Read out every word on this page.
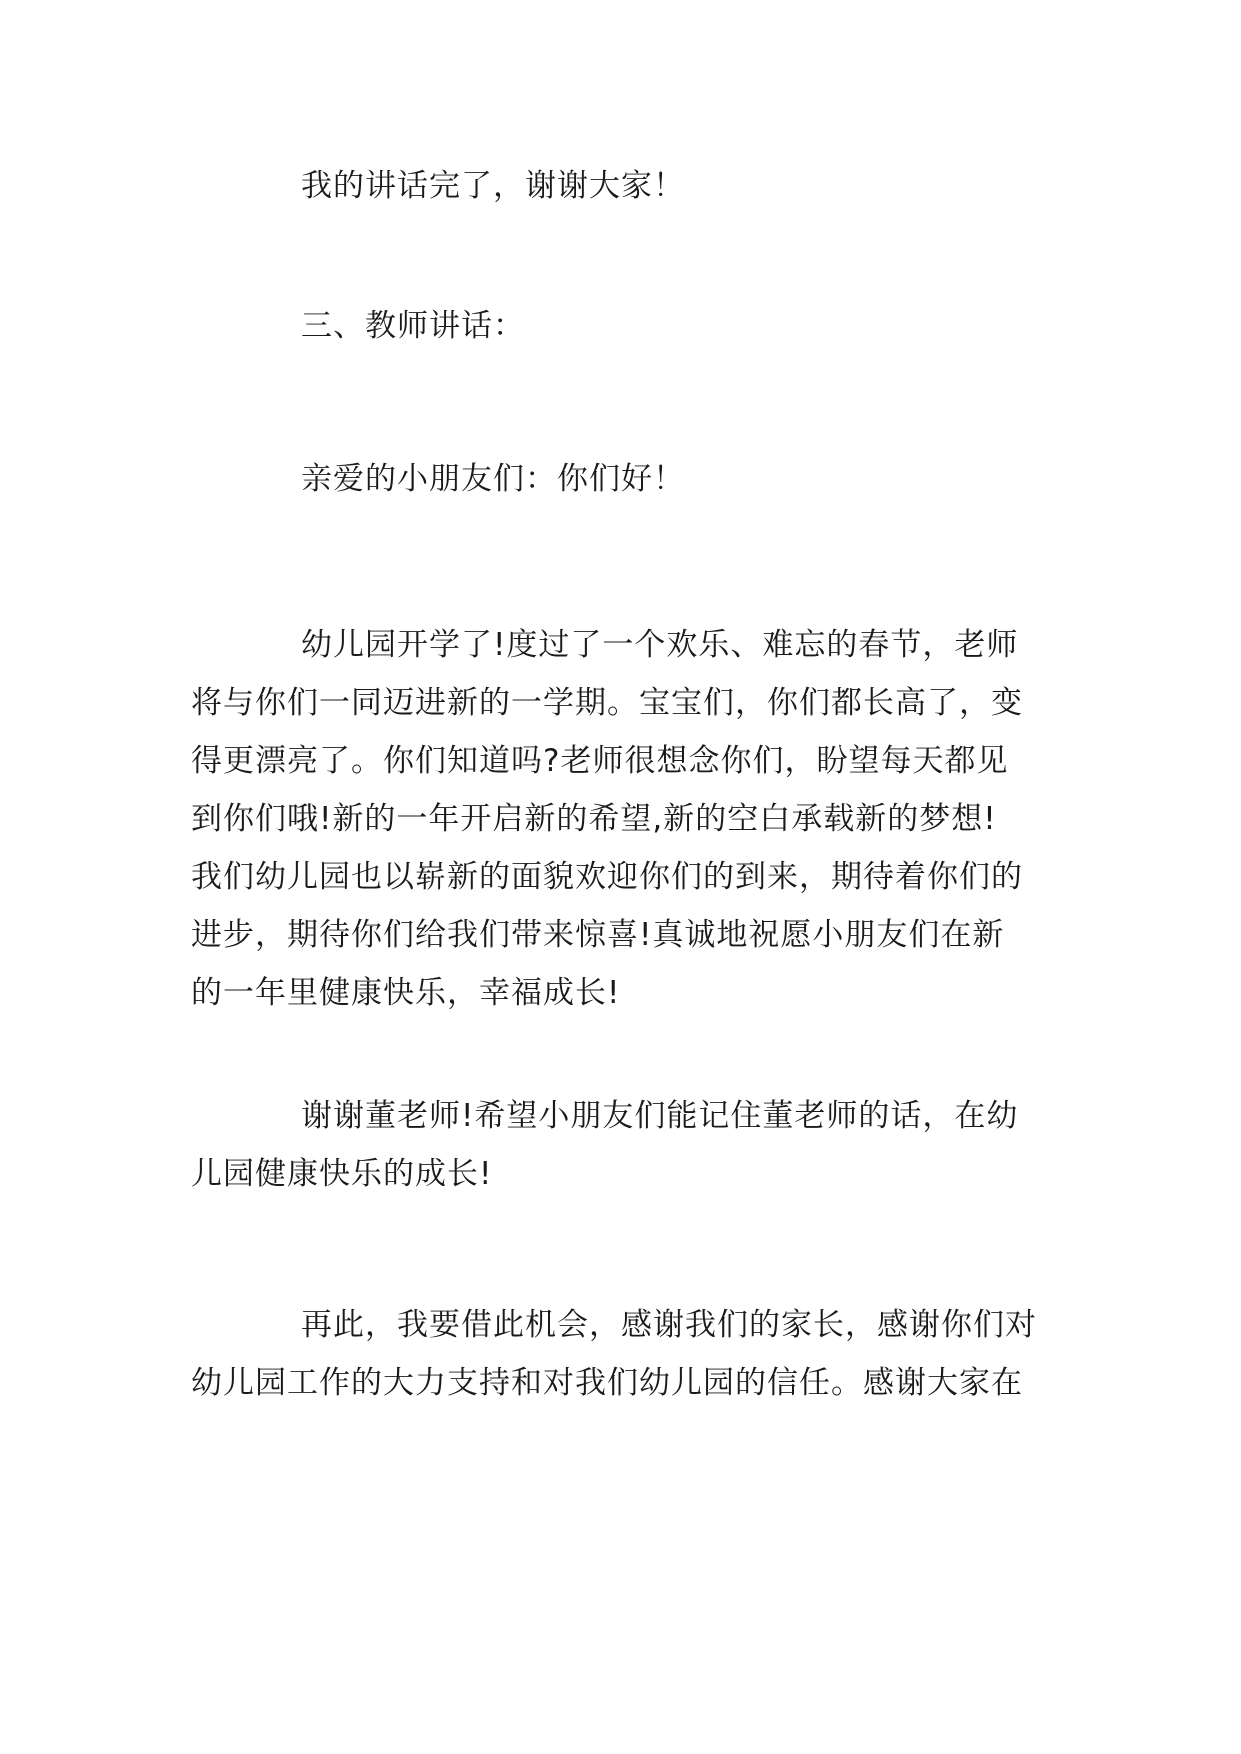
我的讲话完了，谢谢大家！
三、教师讲话：
亲爱的小朋友们：你们好！
幼儿园开学了!度过了一个欢乐、难忘的春节，老师
将与你们一同迈进新的一学期。宝宝们，你们都长高了，变
得更漂亮了。你们知道吗?老师很想念你们，盼望每天都见
到你们哦!新的一年开启新的希望,新的空白承载新的梦想!
我们幼儿园也以崭新的面貌欢迎你们的到来，期待着你们的
进步，期待你们给我们带来惊喜!真诚地祝愿小朋友们在新
的一年里健康快乐，幸福成长!
谢谢董老师!希望小朋友们能记住董老师的话，在幼
儿园健康快乐的成长!
再此，我要借此机会，感谢我们的家长，感谢你们对
幼儿园工作的大力支持和对我们幼儿园的信任。感谢大家在
